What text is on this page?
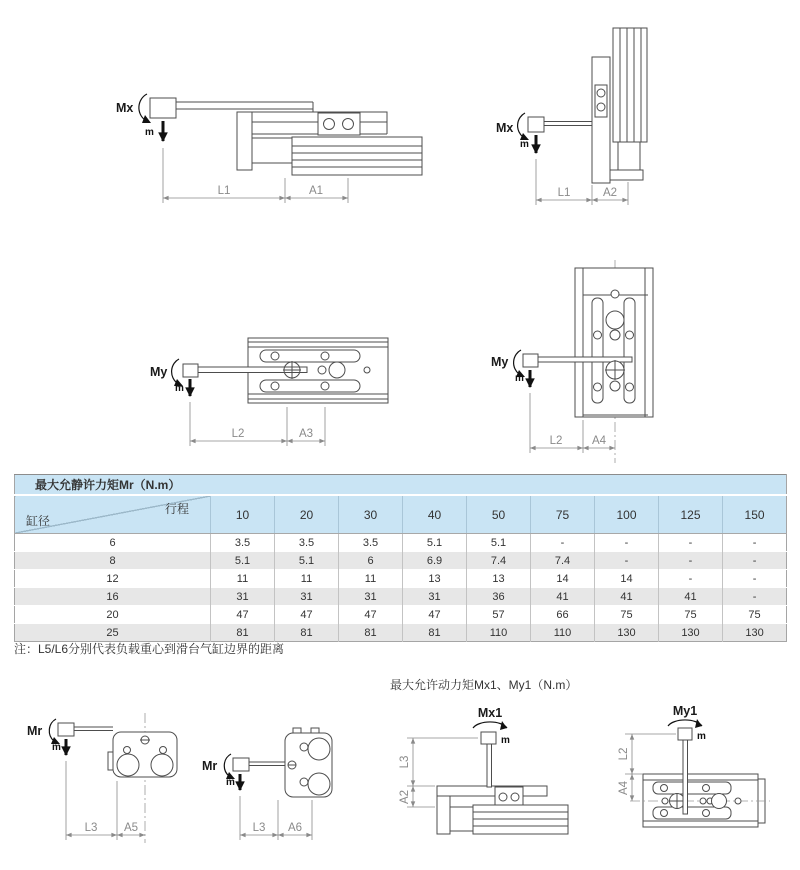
Mx
m
L1	A1
Mx
m
L1	A2
My
m
L2	A3
My
m
L2	A4
最大允静许力矩Mr（N.m）									

行程
缸径	10	20	30	40	50	75	100	125	150
6	3.5	3.5	3.5	5.1	5.1	-	-	-	-
8	5.1	5.1	6	6.9	7.4	7.4	-	-	-
12	11	11	11	13	13	14	14	-	-
16	31	31	31	31	36	41	41	41	-
20	47	47	47	47	57	66	75	75	75
25	81	81	81	81	110	110	130	130	130
注：L5/L6分别代表负载重心到滑台气缸边界的距离
最大允许动力矩Mx1、My1（N.m）
Mr
m
L3 A5
Mr
m
L3 A6
Mx1
m
L3
A2
My1
m
L2
A4
